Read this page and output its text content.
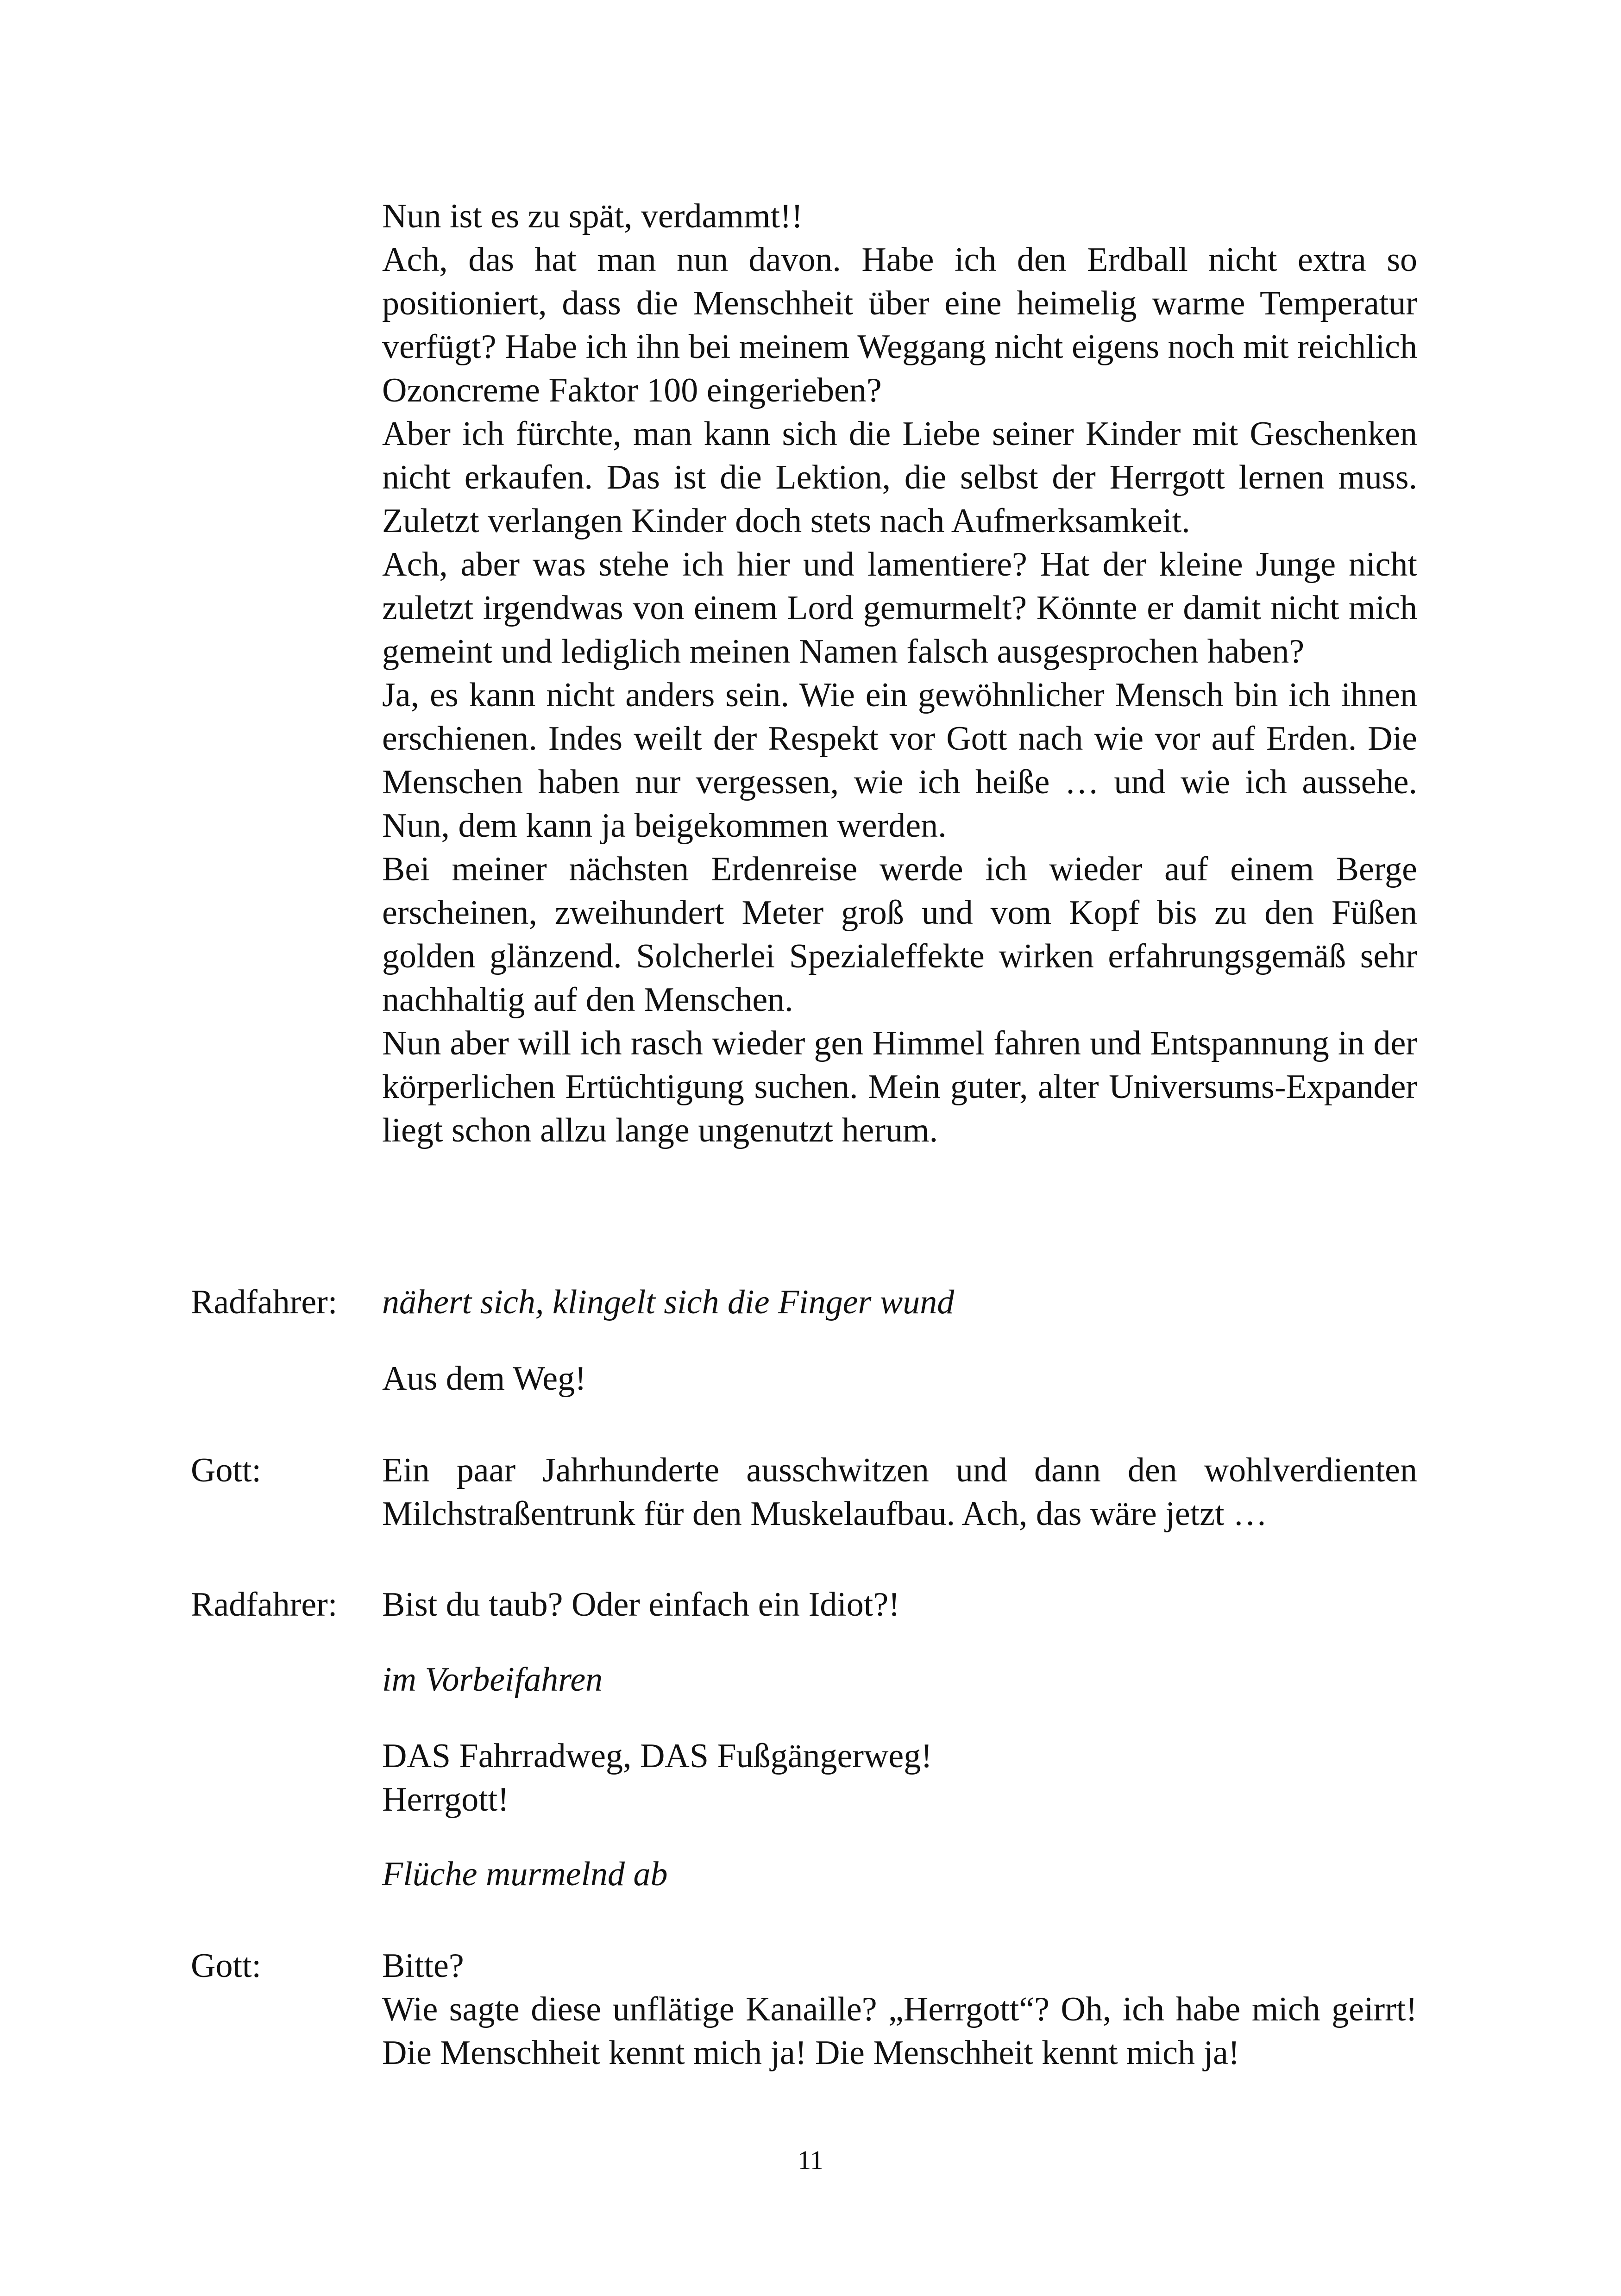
Nun ist es zu spät, verdammt!!

Ach, das hat man nun davon. Habe ich den Erdball nicht extra so positioniert, dass die Menschheit über eine heimelig warme Temperatur verfügt? Habe ich ihn bei meinem Weggang nicht eigens noch mit reichlich Ozoncreme Faktor 100 eingerieben?

Aber ich fürchte, man kann sich die Liebe seiner Kinder mit Geschenken nicht erkaufen. Das ist die Lektion, die selbst der Herrgott lernen muss. Zuletzt verlangen Kinder doch stets nach Aufmerksamkeit.

Ach, aber was stehe ich hier und lamentiere? Hat der kleine Junge nicht zuletzt irgendwas von einem Lord gemurmelt? Könnte er damit nicht mich gemeint und lediglich meinen Namen falsch ausgesprochen haben?

Ja, es kann nicht anders sein. Wie ein gewöhnlicher Mensch bin ich ihnen erschienen. Indes weilt der Respekt vor Gott nach wie vor auf Erden. Die Menschen haben nur vergessen, wie ich heiße … und wie ich aussehe. Nun, dem kann ja beigekommen werden.

Bei meiner nächsten Erdenreise werde ich wieder auf einem Berge erscheinen, zweihundert Meter groß und vom Kopf bis zu den Füßen golden glänzend. Solcherlei Spezialeffekte wirken erfahrungsgemäß sehr nachhaltig auf den Menschen.

Nun aber will ich rasch wieder gen Himmel fahren und Entspannung in der körperlichen Ertüchtigung suchen. Mein guter, alter Universums-Expander liegt schon allzu lange ungenutzt herum.

Radfahrer: nähert sich, klingelt sich die Finger wund

Aus dem Weg!

Gott:	Ein paar Jahrhunderte ausschwitzen und dann den wohlverdienten Milchstraßentrunk für den Muskelaufbau. Ach, das wäre jetzt …

Radfahrer: Bist du taub? Oder einfach ein Idiot?!

im Vorbeifahren

DAS Fahrradweg, DAS Fußgängerweg!
Herrgott!

Flüche murmelnd ab

Gott:	Bitte?

Wie sagte diese unflätige Kanaille? „Herrgott“? Oh, ich habe mich geirrt! Die Menschheit kennt mich ja! Die Menschheit kennt mich ja!

11
